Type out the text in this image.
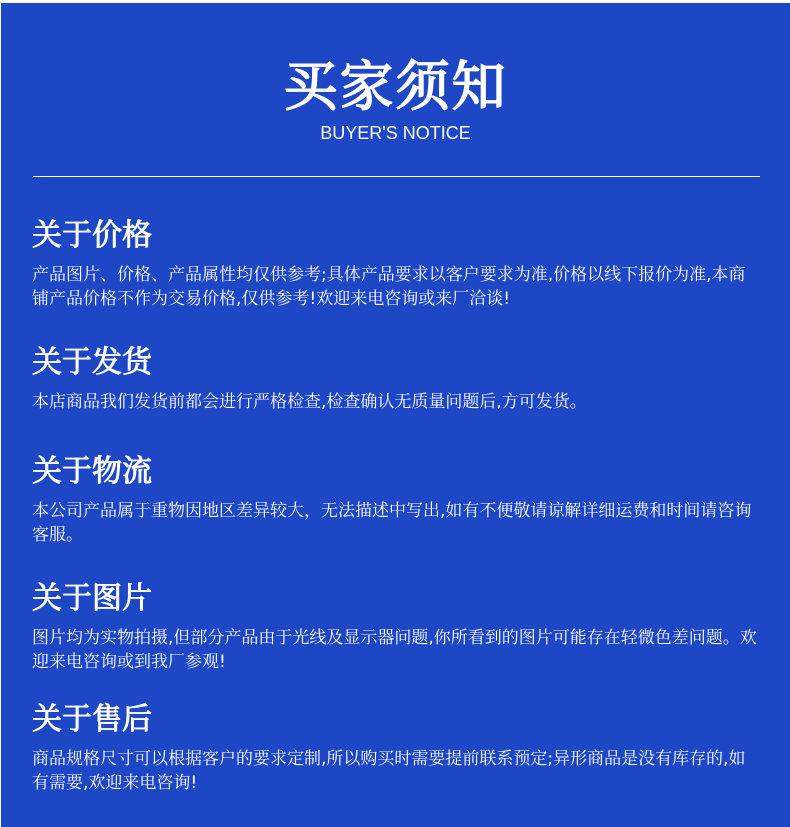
买家须知
BUYER'S NOTICE
关于价格
产品图片、价格、产品属性均仅供参考;具体产品要求以客户要求为准,价格以线下报价为准,本商铺产品价格不作为交易价格,仅供参考!欢迎来电咨询或来厂洽谈!
关于发货
本店商品我们发货前都会进行严格检查,检查确认无质量问题后,方可发货。
关于物流
本公司产品属于重物因地区差异较大，无法描述中写出,如有不便敬请谅解详细运费和时间请咨询客服。
关于图片
图片均为实物拍摄,但部分产品由于光线及显示器问题,你所看到的图片可能存在轻微色差问题。欢迎来电咨询或到我厂参观!
关于售后
商品规格尺寸可以根据客户的要求定制,所以购买时需要提前联系预定;异形商品是没有库存的,如有需要,欢迎来电咨询!
